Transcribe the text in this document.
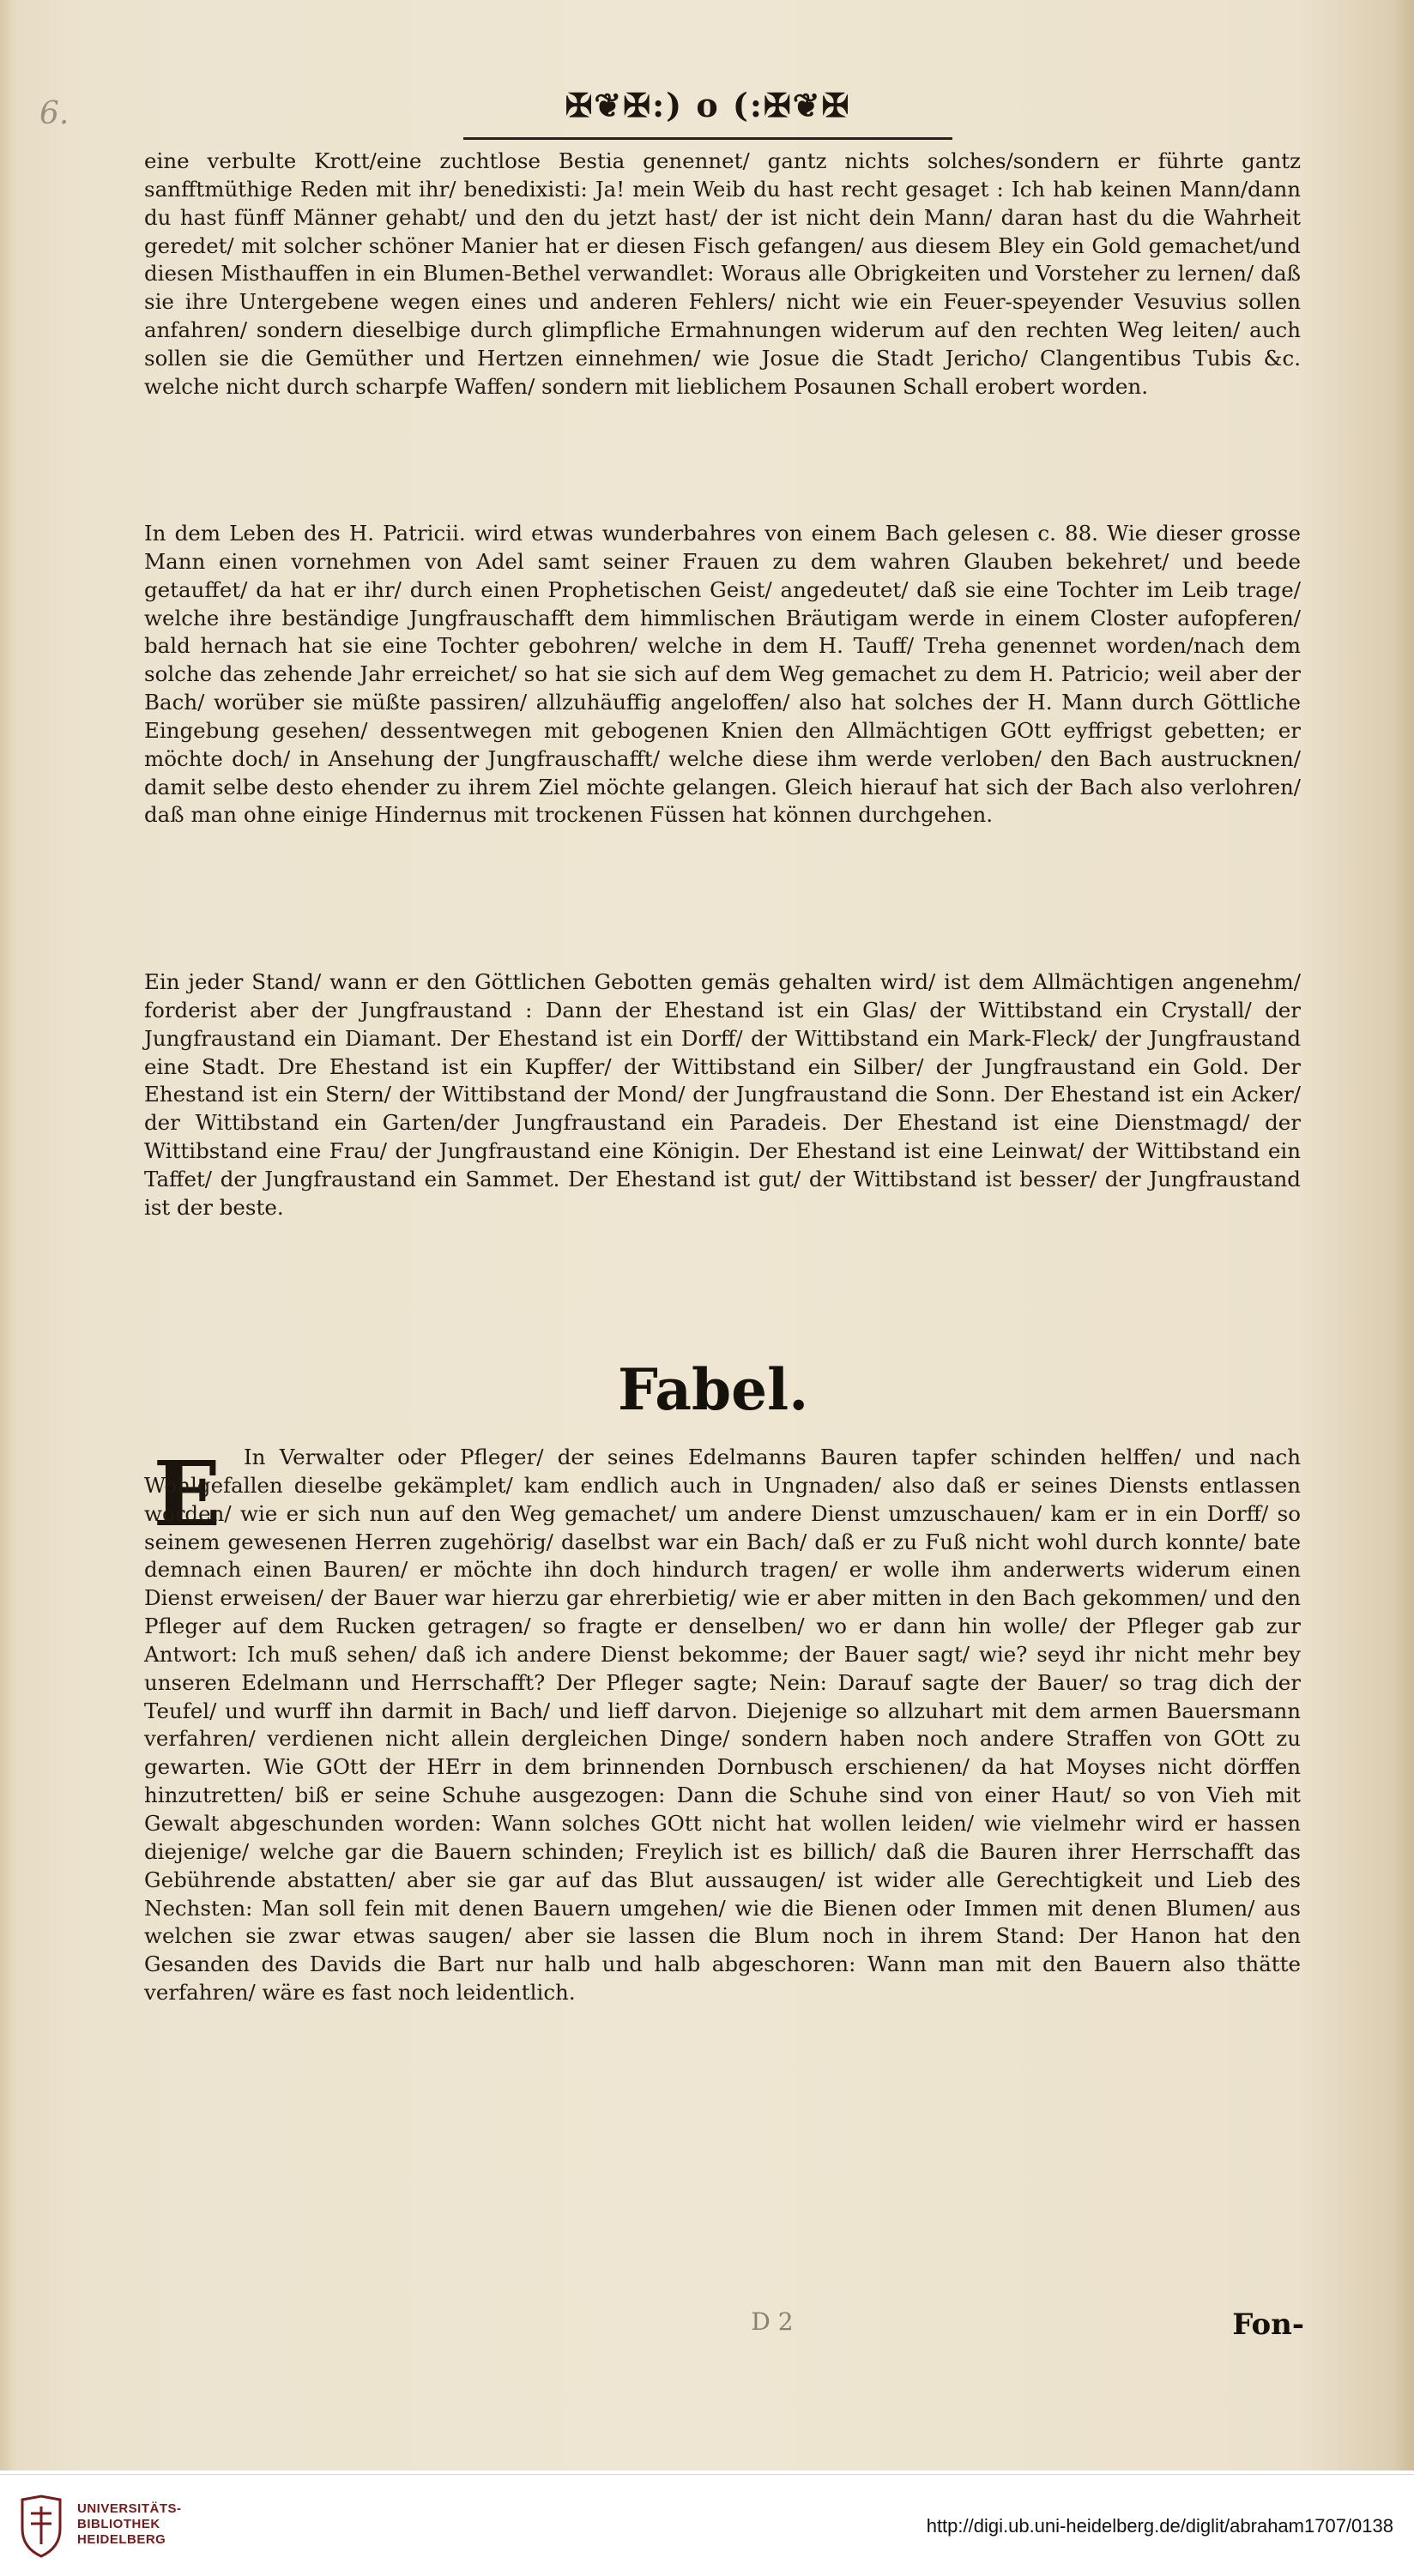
6.	✠❦✠:) o (:✠❦✠

eine verbulte Krott/eine zuchtlose Bestia genennet/ gantz nichts solches/sondern er führte gantz sanfftmüthige Reden mit ihr/ benedixisti: Ja! mein Weib du hast recht gesaget : Ich hab keinen Mann/dann du hast fünff Männer gehabt/ und den du jetzt hast/ der ist nicht dein Mann/ daran hast du die Wahrheit geredet/ mit solcher schöner Manier hat er diesen Fisch gefangen/ aus diesem Bley ein Gold gemachet/und diesen Misthauffen in ein Blumen-Bethel verwandlet: Woraus alle Obrigkeiten und Vorsteher zu lernen/ daß sie ihre Untergebene wegen eines und anderen Fehlers/ nicht wie ein Feuer-speyender Vesuvius sollen anfahren/ sondern dieselbige durch glimpfliche Ermahnungen widerum auf den rechten Weg leiten/ auch sollen sie die Gemüther und Hertzen einnehmen/ wie Josue die Stadt Jericho/ Clangentibus Tubis &c. welche nicht durch scharpfe Waffen/ sondern mit lieblichem Posaunen Schall erobert worden.

In dem Leben des H. Patricii. wird etwas wunderbahres von einem Bach gelesen c. 88. Wie dieser grosse Mann einen vornehmen von Adel samt seiner Frauen zu dem wahren Glauben bekehret/ und beede getauffet/ da hat er ihr/ durch einen Prophetischen Geist/ angedeutet/ daß sie eine Tochter im Leib trage/ welche ihre beständige Jungfrauschafft dem himmlischen Bräutigam werde in einem Closter aufopferen/ bald hernach hat sie eine Tochter gebohren/ welche in dem H. Tauff/ Treha genennet worden/nach dem solche das zehende Jahr erreichet/ so hat sie sich auf dem Weg gemachet zu dem H. Patricio; weil aber der Bach/ worüber sie müßte passiren/ allzuhäuffig angeloffen/ also hat solches der H. Mann durch Göttliche Eingebung gesehen/ dessentwegen mit gebogenen Knien den Allmächtigen GOtt eyffrigst gebetten; er möchte doch/ in Ansehung der Jungfrauschafft/ welche diese ihm werde verloben/ den Bach austrucknen/ damit selbe desto ehender zu ihrem Ziel möchte gelangen. Gleich hierauf hat sich der Bach also verlohren/ daß man ohne einige Hindernus mit trockenen Füssen hat können durchgehen.

Ein jeder Stand/ wann er den Göttlichen Gebotten gemäs gehalten wird/ ist dem Allmächtigen angenehm/ forderist aber der Jungfraustand : Dann der Ehestand ist ein Glas/ der Wittibstand ein Crystall/ der Jungfraustand ein Diamant. Der Ehestand ist ein Dorff/ der Wittibstand ein Mark-Fleck/ der Jungfraustand eine Stadt. Dre Ehestand ist ein Kupffer/ der Wittibstand ein Silber/ der Jungfraustand ein Gold. Der Ehestand ist ein Stern/ der Wittibstand der Mond/ der Jungfraustand die Sonn. Der Ehestand ist ein Acker/ der Wittibstand ein Garten/der Jungfraustand ein Paradeis. Der Ehestand ist eine Dienstmagd/ der Wittibstand eine Frau/ der Jungfraustand eine Königin. Der Ehestand ist eine Leinwat/ der Wittibstand ein Taffet/ der Jungfraustand ein Sammet. Der Ehestand ist gut/ der Wittibstand ist besser/ der Jungfraustand ist der beste.

Fabel.
E	In Verwalter oder Pfleger/ der seines Edelmanns Bauren tapfer schinden helffen/ und nach Wohlgefallen dieselbe gekämplet/ kam endlich auch in Ungnaden/ also daß er seines Diensts entlassen worden/ wie er sich nun auf den Weg gemachet/ um andere Dienst umzuschauen/ kam er in ein Dorff/ so seinem gewesenen Herren zugehörig/ daselbst war ein Bach/ daß er zu Fuß nicht wohl durch konnte/ bate demnach einen Bauren/ er möchte ihn doch hindurch tragen/ er wolle ihm anderwerts widerum einen Dienst erweisen/ der Bauer war hierzu gar ehrerbietig/ wie er aber mitten in den Bach gekommen/ und den Pfleger auf dem Rucken getragen/ so fragte er denselben/ wo er dann hin wolle/ der Pfleger gab zur Antwort: Ich muß sehen/ daß ich andere Dienst bekomme; der Bauer sagt/ wie? seyd ihr nicht mehr bey unseren Edelmann und Herrschafft? Der Pfleger sagte; Nein: Darauf sagte der Bauer/ so trag dich der Teufel/ und wurff ihn darmit in Bach/ und lieff darvon. Diejenige so allzuhart mit dem armen Bauersmann verfahren/ verdienen nicht allein dergleichen Dinge/ sondern haben noch andere Straffen von GOtt zu gewarten. Wie GOtt der HErr in dem brinnenden Dornbusch erschienen/ da hat Moyses nicht dörffen hinzutretten/ biß er seine Schuhe ausgezogen: Dann die Schuhe sind von einer Haut/ so von Vieh mit Gewalt abgeschunden worden: Wann solches GOtt nicht hat wollen leiden/ wie vielmehr wird er hassen diejenige/ welche gar die Bauern schinden; Freylich ist es billich/ daß die Bauren ihrer Herrschafft das Gebührende abstatten/ aber sie gar auf das Blut aussaugen/ ist wider alle Gerechtigkeit und Lieb des Nechsten: Man soll fein mit denen Bauern umgehen/ wie die Bienen oder Immen mit denen Blumen/ aus welchen sie zwar etwas saugen/ aber sie lassen die Blum noch in ihrem Stand: Der Hanon hat den Gesanden des Davids die Bart nur halb und halb abgeschoren: Wann man mit den Bauern also thätte verfahren/ wäre es fast noch leidentlich.

D 2	Fon-
UNIVERSITÄTS-
BIBLIOTHEK
HEIDELBERG
http://digi.ub.uni-heidelberg.de/diglit/abraham1707/0138
